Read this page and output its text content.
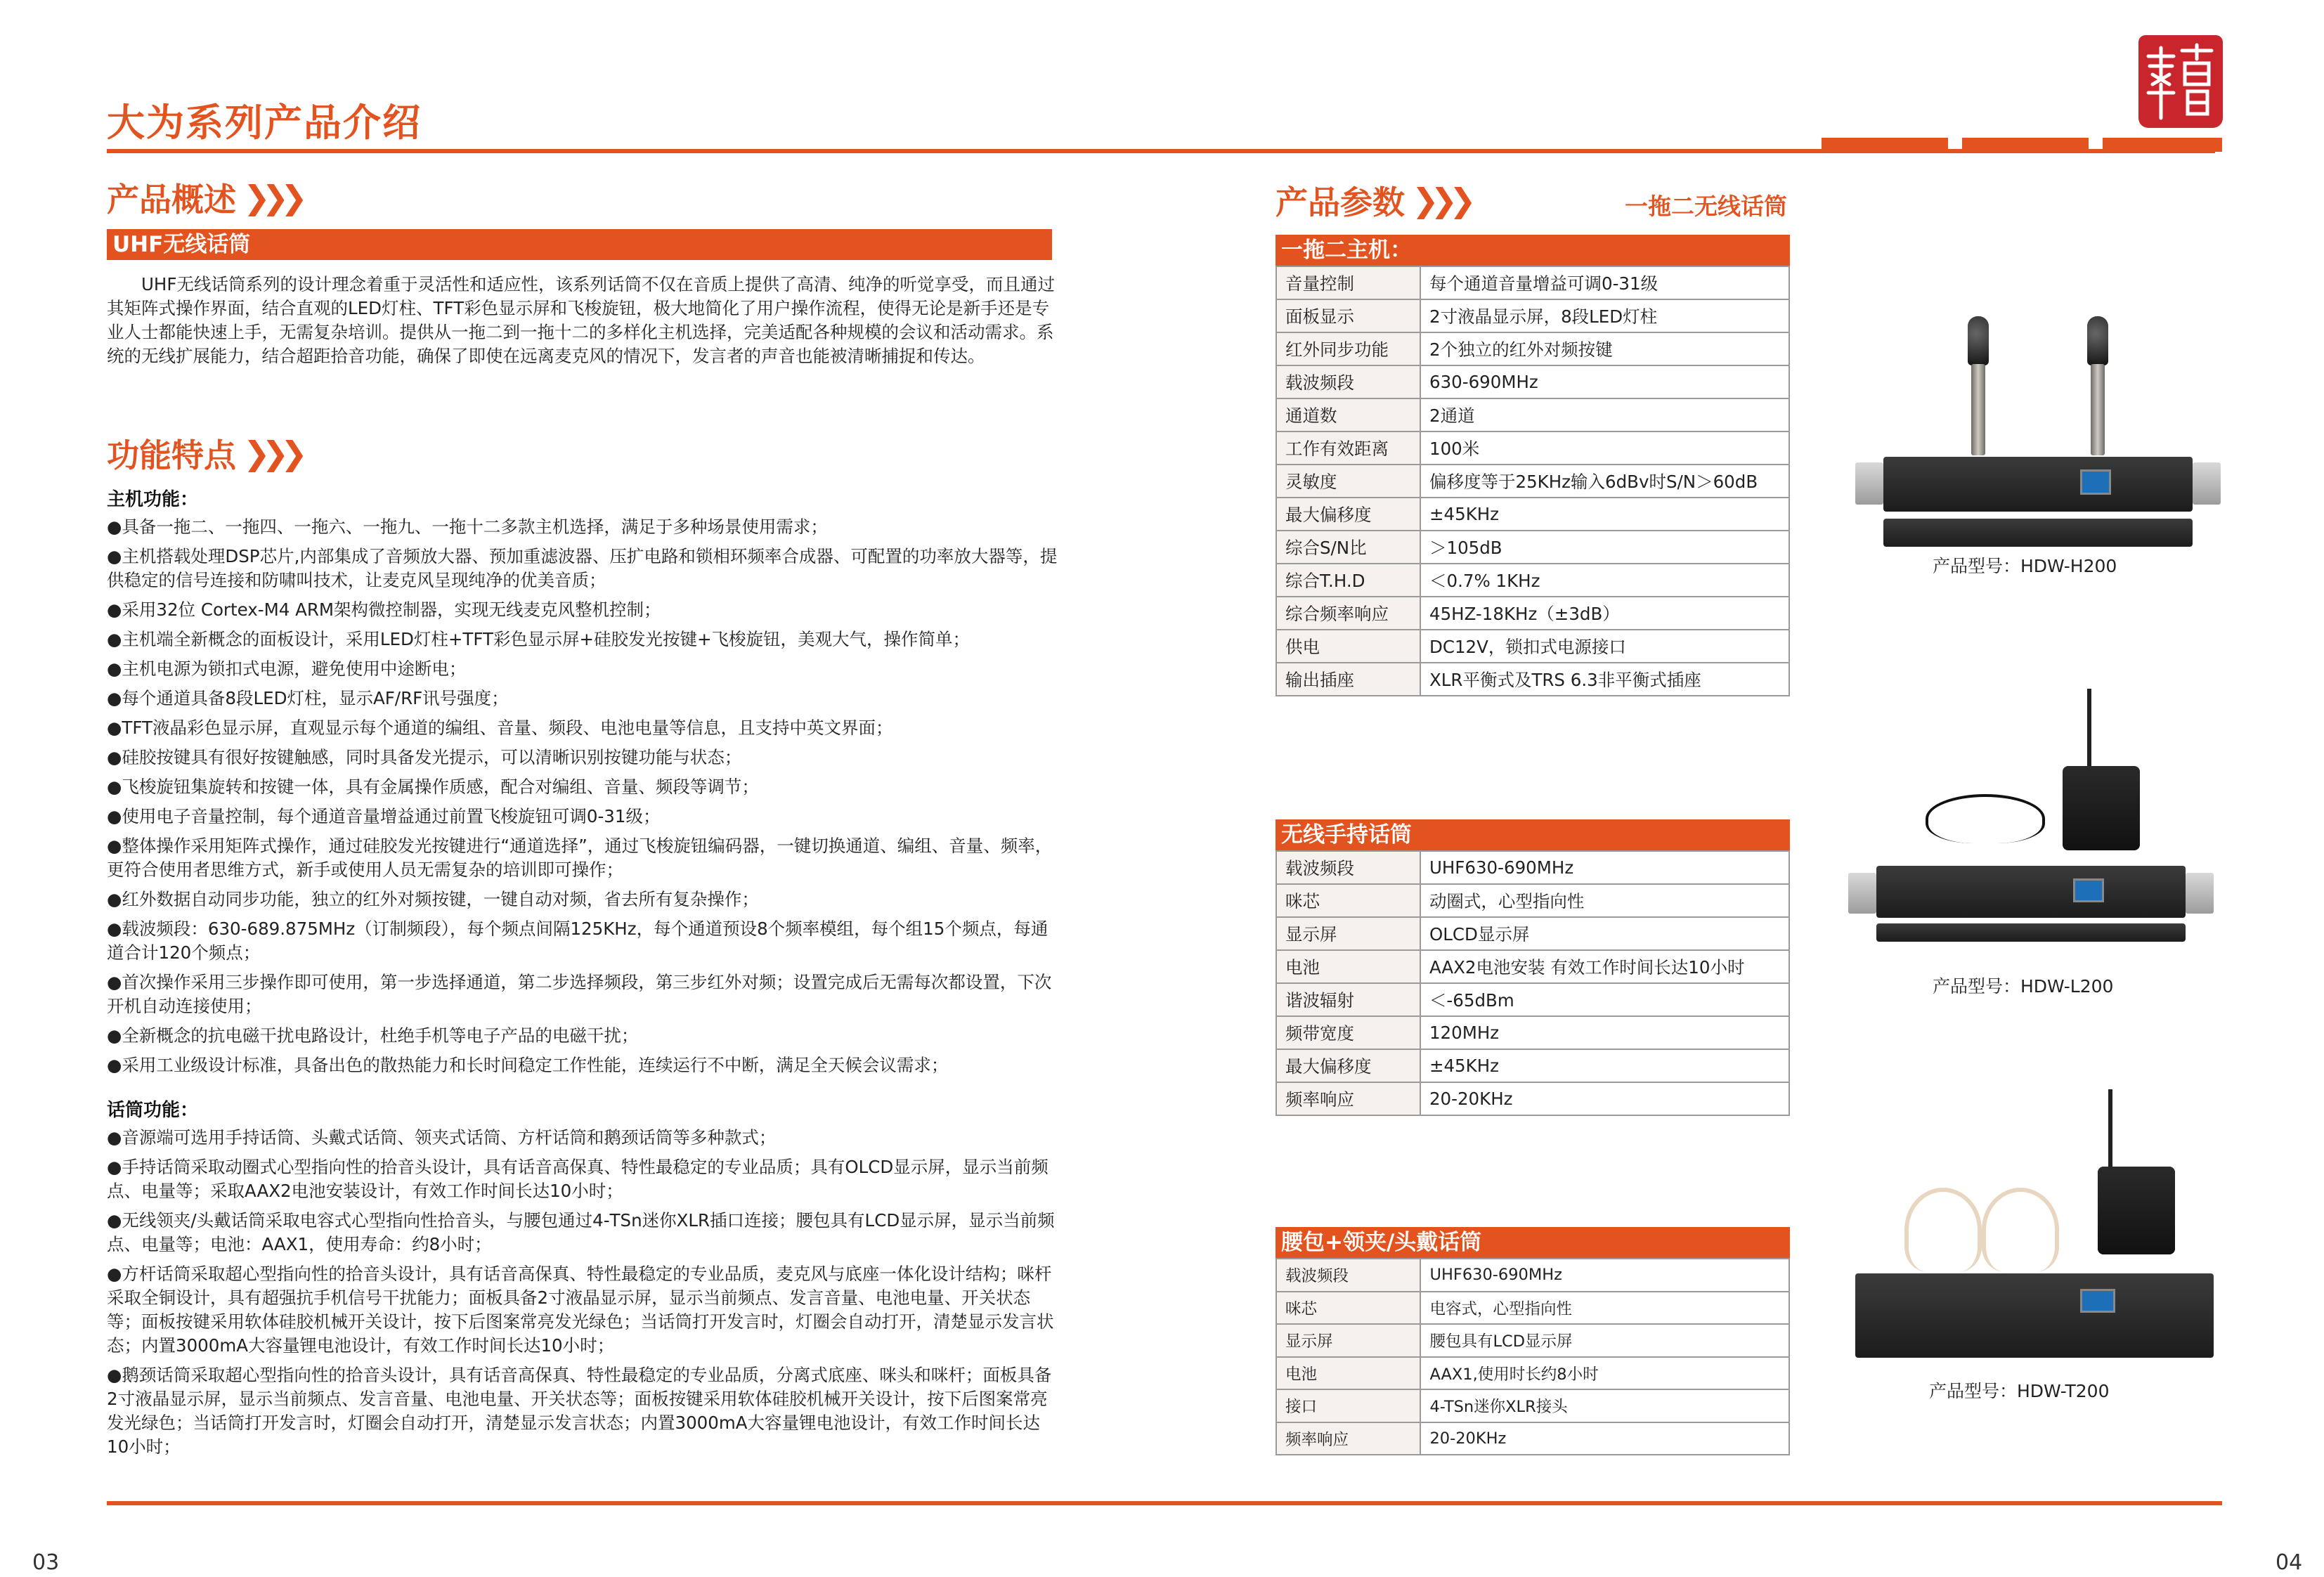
大为系列产品介绍
产品概述 ❯❯❯
UHF无线话筒
UHF无线话筒系列的设计理念着重于灵活性和适应性，该系列话筒不仅在音质上提供了高清、纯净的听觉享受，而且通过其矩阵式操作界面，结合直观的LED灯柱、TFT彩色显示屏和飞梭旋钮，极大地简化了用户操作流程，使得无论是新手还是专业人士都能快速上手，无需复杂培训。提供从一拖二到一拖十二的多样化主机选择，完美适配各种规模的会议和活动需求。系统的无线扩展能力，结合超距拾音功能，确保了即使在远离麦克风的情况下，发言者的声音也能被清晰捕捉和传达。
功能特点 ❯❯❯
主机功能：
●具备一拖二、一拖四、一拖六、一拖九、一拖十二多款主机选择，满足于多种场景使用需求；
●主机搭载处理DSP芯片,内部集成了音频放大器、预加重滤波器、压扩电路和锁相环频率合成器、可配置的功率放大器等，提供稳定的信号连接和防啸叫技术，让麦克风呈现纯净的优美音质；
●采用32位 Cortex-M4 ARM架构微控制器，实现无线麦克风整机控制；
●主机端全新概念的面板设计，采用LED灯柱+TFT彩色显示屏+硅胶发光按键+飞梭旋钮，美观大气，操作简单；
●主机电源为锁扣式电源，避免使用中途断电；
●每个通道具备8段LED灯柱，显示AF/RF讯号强度；
●TFT液晶彩色显示屏，直观显示每个通道的编组、音量、频段、电池电量等信息，且支持中英文界面；
●硅胶按键具有很好按键触感，同时具备发光提示，可以清晰识别按键功能与状态；
●飞梭旋钮集旋转和按键一体，具有金属操作质感，配合对编组、音量、频段等调节；
●使用电子音量控制，每个通道音量增益通过前置飞梭旋钮可调0-31级；
●整体操作采用矩阵式操作，通过硅胶发光按键进行“通道选择”，通过飞梭旋钮编码器，一键切换通道、编组、音量、频率，更符合使用者思维方式，新手或使用人员无需复杂的培训即可操作；
●红外数据自动同步功能，独立的红外对频按键，一键自动对频，省去所有复杂操作；
●载波频段：630-689.875MHz（订制频段），每个频点间隔125KHz，每个通道预设8个频率模组，每个组15个频点，每通道合计120个频点；
●首次操作采用三步操作即可使用，第一步选择通道，第二步选择频段，第三步红外对频；设置完成后无需每次都设置，下次开机自动连接使用；
●全新概念的抗电磁干扰电路设计，杜绝手机等电子产品的电磁干扰；
●采用工业级设计标准，具备出色的散热能力和长时间稳定工作性能，连续运行不中断，满足全天候会议需求；
话筒功能：
●音源端可选用手持话筒、头戴式话筒、领夹式话筒、方杆话筒和鹅颈话筒等多种款式；
●手持话筒采取动圈式心型指向性的拾音头设计，具有话音高保真、特性最稳定的专业品质；具有OLCD显示屏，显示当前频点、电量等；采取AAX2电池安装设计，有效工作时间长达10小时；
●无线领夹/头戴话筒采取电容式心型指向性拾音头，与腰包通过4-TSn迷你XLR插口连接；腰包具有LCD显示屏，显示当前频点、电量等；电池：AAX1，使用寿命：约8小时；
●方杆话筒采取超心型指向性的拾音头设计，具有话音高保真、特性最稳定的专业品质，麦克风与底座一体化设计结构；咪杆采取全铜设计，具有超强抗手机信号干扰能力；面板具备2寸液晶显示屏，显示当前频点、发言音量、电池电量、开关状态等；面板按键采用软体硅胶机械开关设计，按下后图案常亮发光绿色；当话筒打开发言时，灯圈会自动打开，清楚显示发言状态；内置3000mA大容量锂电池设计，有效工作时间长达10小时；
●鹅颈话筒采取超心型指向性的拾音头设计，具有话音高保真、特性最稳定的专业品质，分离式底座、咪头和咪杆；面板具备2寸液晶显示屏，显示当前频点、发言音量、电池电量、开关状态等；面板按键采用软体硅胶机械开关设计，按下后图案常亮发光绿色；当话筒打开发言时，灯圈会自动打开，清楚显示发言状态；内置3000mA大容量锂电池设计，有效工作时间长达10小时；
产品参数 ❯❯❯	一拖二无线话筒
一拖二主机：
音量控制	每个通道音量增益可调0-31级
面板显示	2寸液晶显示屏，8段LED灯柱
红外同步功能	2个独立的红外对频按键
载波频段	630-690MHz
通道数	2通道
工作有效距离	100米
灵敏度	偏移度等于25KHz输入6dBv时S/N＞60dB
最大偏移度	±45KHz
综合S/N比	＞105dB
综合T.H.D	＜0.7% 1KHz
综合频率响应	45HZ-18KHz（±3dB）
供电	DC12V，锁扣式电源接口
输出插座	XLR平衡式及TRS 6.3非平衡式插座
无线手持话筒
载波频段	UHF630-690MHz
咪芯	动圈式，心型指向性
显示屏	OLCD显示屏
电池	AAX2电池安装 有效工作时间长达10小时
谐波辐射	＜-65dBm
频带宽度	120MHz
最大偏移度	±45KHz
频率响应	20-20KHz
腰包+领夹/头戴话筒
载波频段	UHF630-690MHz
咪芯	电容式，心型指向性
显示屏	腰包具有LCD显示屏
电池	AAX1,使用时长约8小时
接口	4-TSn迷你XLR接头
频率响应	20-20KHz
产品型号：HDW-H200
产品型号：HDW-L200
产品型号：HDW-T200
03	04
